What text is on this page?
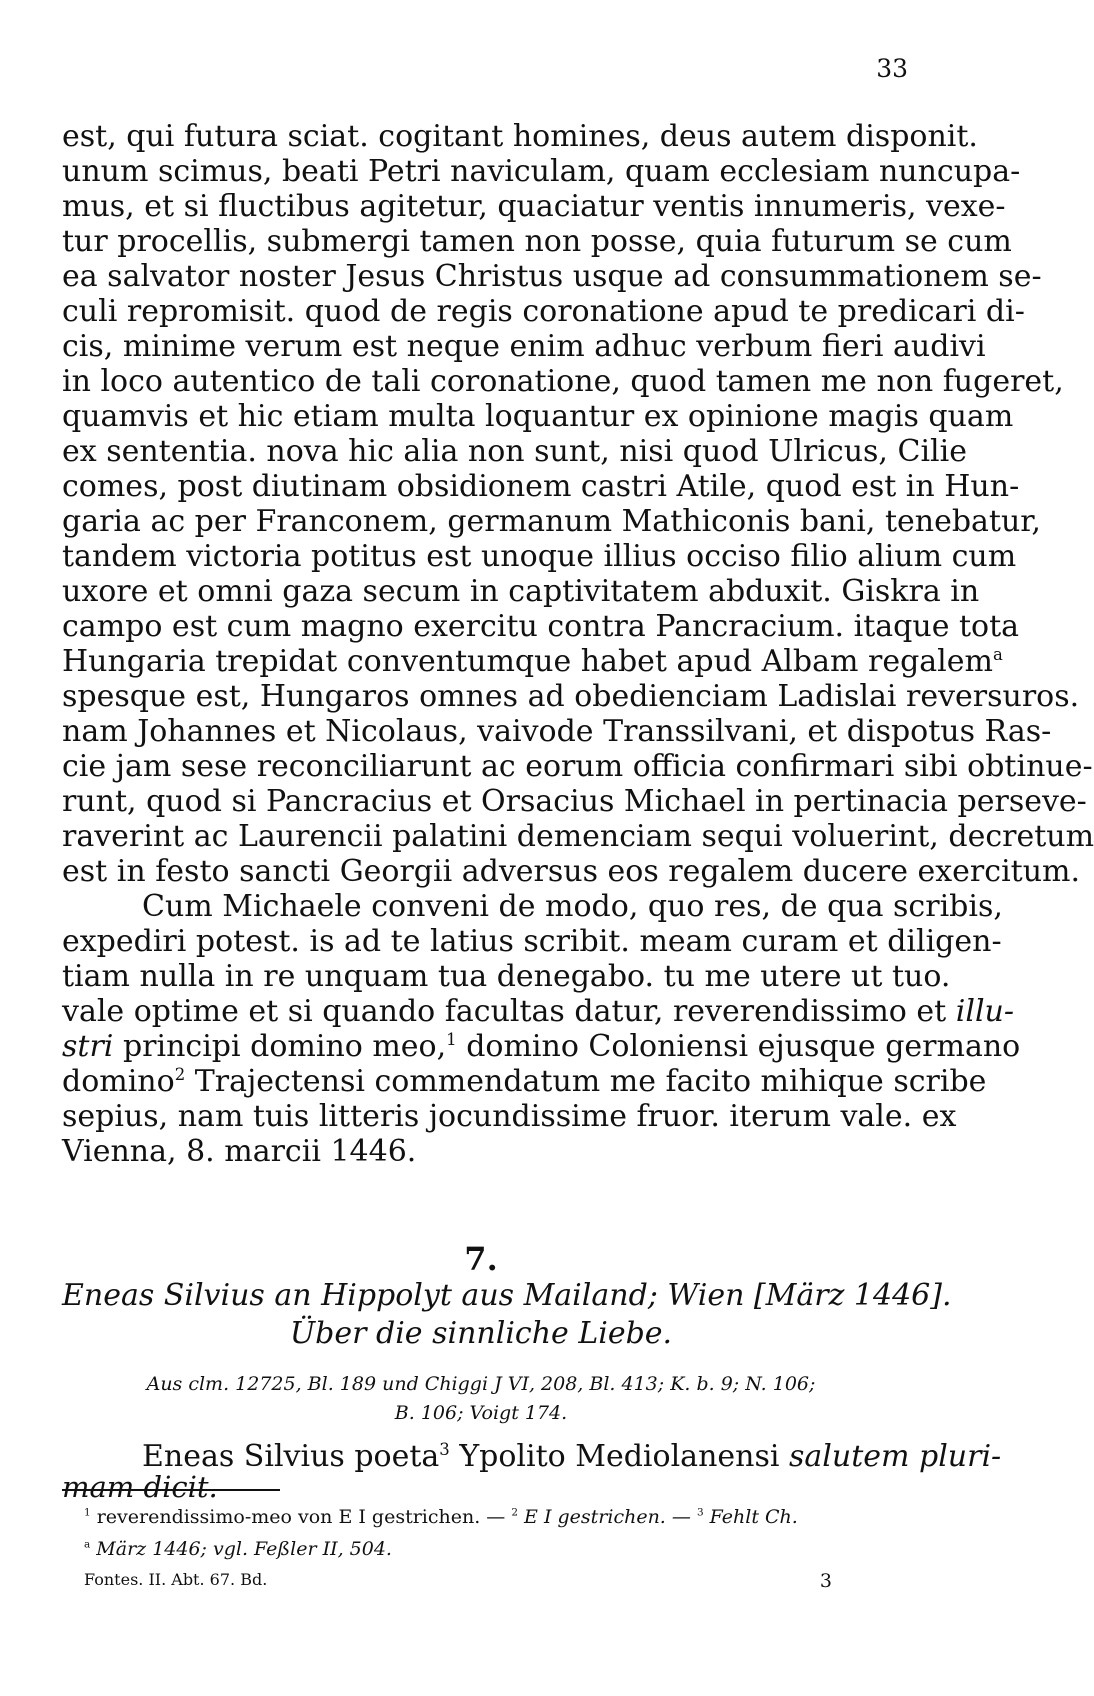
33

est, qui futura sciat. cogitant homines, deus autem disponit.

unum scimus, beati Petri naviculam, quam ecclesiam nuncupa-

mus, et si fluctibus agitetur, quaciatur ventis innumeris, vexe-

tur procellis, submergi tamen non posse, quia futurum se cum

ea salvator noster Jesus Christus usque ad consummationem se-

culi repromisit. quod de regis coronatione apud te predicari di-

cis, minime verum est neque enim adhuc verbum fieri audivi

in loco autentico de tali coronatione, quod tamen me non fugeret,

quamvis et hic etiam multa loquantur ex opinione magis quam

ex sententia. nova hic alia non sunt, nisi quod Ulricus, Cilie

comes, post diutinam obsidionem castri Atile, quod est in Hun-

garia ac per Franconem, germanum Mathiconis bani, tenebatur,

tandem victoria potitus est unoque illius occiso filio alium cum

uxore et omni gaza secum in captivitatem abduxit. Giskra in

campo est cum magno exercitu contra Pancracium. itaque tota

Hungaria trepidat conventumque habet apud Albam regalem$^a$

spesque est, Hungaros omnes ad obedienciam Ladislai reversuros.

nam Johannes et Nicolaus, vaivode Transsilvani, et dispotus Ras-

cie jam sese reconciliarunt ac eorum officia confirmari sibi obtinue-

runt, quod si Pancracius et Orsacius Michael in pertinacia perseve-

raverint ac Laurencii palatini demenciam sequi voluerint, decretum

est in festo sancti Georgii adversus eos regalem ducere exercitum.

Cum Michaele conveni de modo, quo res, de qua scribis,

expediri potest. is ad te latius scribit. meam curam et diligen-

tiam nulla in re unquam tua denegabo. tu me utere ut tuo.

vale optime et si quando facultas datur, reverendissimo et illu-

stri principi domino meo,$^1$ domino Coloniensi ejusque germano

domino$^2$ Trajectensi commendatum me facito mihique scribe

sepius, nam tuis litteris jocundissime fruor. iterum vale. ex

Vienna, 8. marcii 1446.

7.

Eneas Silvius an Hippolyt aus Mailand; Wien [März 1446].

Über die sinnliche Liebe.

Aus clm. 12725, Bl. 189 und Chiggi J VI, 208, Bl. 413; K. b. 9; N. 106;

B. 106; Voigt 174.

Eneas Silvius poeta$^3$ Ypolito Mediolanensi salutem pluri-

mam dicit.

$^1$ reverendissimo-meo von E I gestrichen. — $^2$ E I gestrichen. — $^3$ Fehlt Ch.

$^a$ März 1446; vgl. Feßler II, 504.

Fontes. II. Abt. 67. Bd.	3
